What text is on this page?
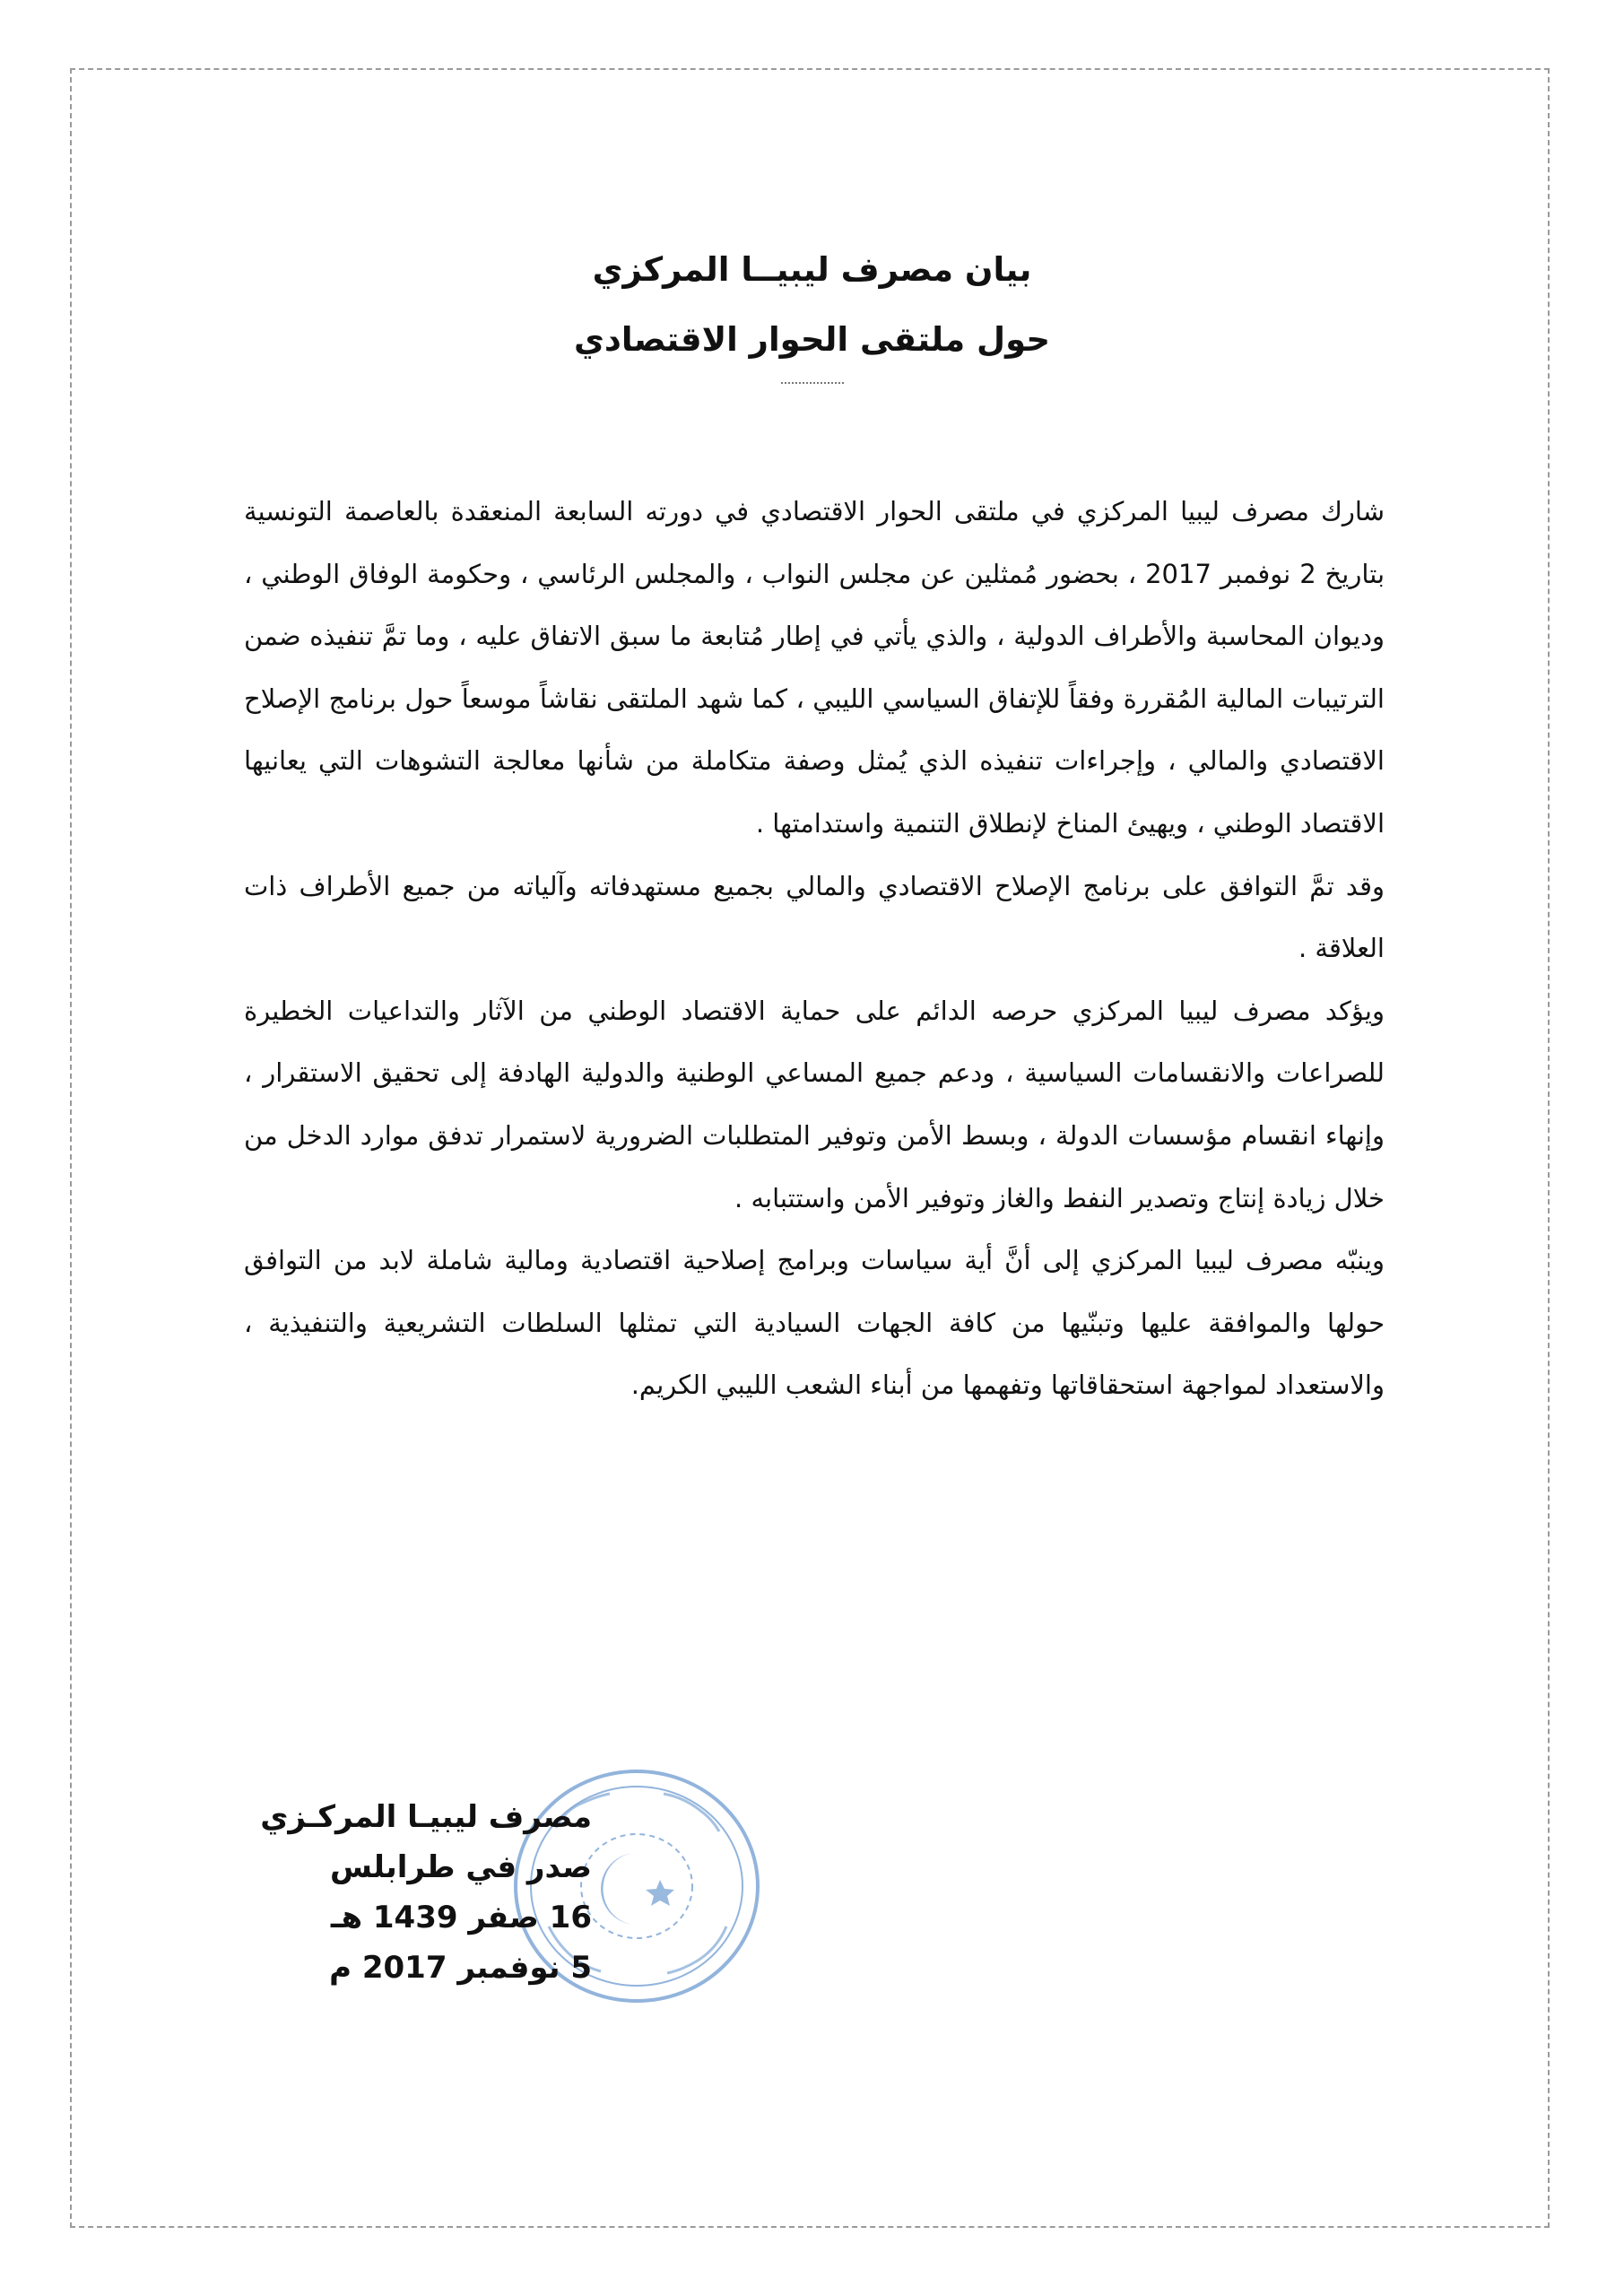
بيان مصرف ليبيــا المركزي
حول ملتقى الحوار الاقتصادي

شارك مصرف ليبيا المركزي في ملتقى الحوار الاقتصادي في دورته السابعة المنعقدة بالعاصمة التونسية بتاريخ 2 نوفمبر 2017 ، بحضور مُمثلين عن مجلس النواب ، والمجلس الرئاسي ، وحكومة الوفاق الوطني ، وديوان المحاسبة والأطراف الدولية ، والذي يأتي في إطار مُتابعة ما سبق الاتفاق عليه ، وما تمَّ تنفيذه ضمن الترتيبات المالية المُقررة وفقاً للإتفاق السياسي الليبي ، كما شهد الملتقى نقاشاً موسعاً حول برنامج الإصلاح الاقتصادي والمالي ، وإجراءات تنفيذه الذي يُمثل وصفة متكاملة من شأنها معالجة التشوهات التي يعانيها الاقتصاد الوطني ، ويهيئ المناخ لإنطلاق التنمية واستدامتها .

وقد تمَّ التوافق على برنامج الإصلاح الاقتصادي والمالي بجميع مستهدفاته وآلياته من جميع الأطراف ذات العلاقة .

ويؤكد مصرف ليبيا المركزي حرصه الدائم على حماية الاقتصاد الوطني من الآثار والتداعيات الخطيرة للصراعات والانقسامات السياسية ، ودعم جميع المساعي الوطنية والدولية الهادفة إلى تحقيق الاستقرار ، وإنهاء انقسام مؤسسات الدولة ، وبسط الأمن وتوفير المتطلبات الضرورية لاستمرار تدفق موارد الدخل من خلال زيادة إنتاج وتصدير النفط والغاز وتوفير الأمن واستتبابه .

وينبّه مصرف ليبيا المركزي إلى أنَّ أية سياسات وبرامج إصلاحية اقتصادية ومالية شاملة لابد من التوافق حولها والموافقة عليها وتبنّيها من كافة الجهات السيادية التي تمثلها السلطات التشريعية والتنفيذية ، والاستعداد لمواجهة استحقاقاتها وتفهمها من أبناء الشعب الليبي الكريم.

مصرف ليبيـا المركـزي
صدر في طرابلس
16 صفر 1439 هـ
5 نوفمبر 2017 م
